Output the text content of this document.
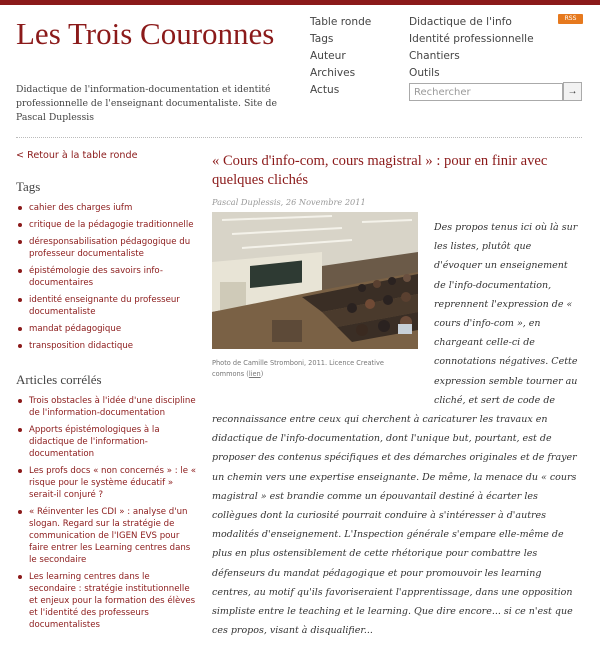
Les Trois Couronnes
Didactique de l'information-documentation et identité professionnelle de l'enseignant documentaliste. Site de Pascal Duplessis
Table ronde
Tags
Auteur
Archives
Actus
Didactique de l'info
Identité professionnelle
Chantiers
Outils
RSS
Rechercher
→
< Retour à la table ronde
Tags
cahier des charges iufm
critique de la pédagogie traditionnelle
déresponsabilisation pédagogique du professeur documentaliste
épistémologie des savoirs info-documentaires
identité enseignante du professeur documentaliste
mandat pédagogique
transposition didactique
Articles corrélés
Trois obstacles à l'idée d'une discipline de l'information-documentation
Apports épistémologiques à la didactique de l'information-documentation
Les profs docs « non concernés » : le « risque pour le système éducatif » serait-il conjuré ?
« Réinventer les CDI » : analyse d'un slogan. Regard sur la stratégie de communication de l'IGEN EVS pour faire entrer les Learning centres dans le secondaire
Les learning centres dans le secondaire : stratégie institutionnelle et enjeux pour la formation des élèves et l'identité des professeurs documentalistes
« Cours d'info-com, cours magistral » : pour en finir avec quelques clichés
Pascal Duplessis, 26 Novembre 2011

Des propos tenus ici où là sur les listes, plutôt que d'évoquer un enseignement de l'info-documentation, reprennent l'expression de « cours d'info-com », en chargeant celle-ci de connotations négatives. Cette expression semble tourner au cliché, et sert de code de reconnaissance entre ceux qui cherchent à caricaturer les travaux en didactique de l'info-documentation, dont l'unique but, pourtant, est de proposer des contenus spécifiques et des démarches originales et de frayer un chemin vers une expertise enseignante. De même, la menace du « cours magistral » est brandie comme un épouvantail destiné à écarter les collègues dont la curiosité pourrait conduire à s'intéresser à d'autres modalités d'enseignement. L'Inspection générale s'empare elle-même de plus en plus ostensiblement de cette rhétorique pour combattre les défenseurs du mandat pédagogique et pour promouvoir les learning centres, au motif qu'ils favoriseraient l'apprentissage, dans une opposition simpliste entre le teaching et le learning. Que dire encore... si ce n'est que ces propos, visant à disqualifier...

Photo de Camille Stromboni, 2011. Licence Creative commons (lien)
